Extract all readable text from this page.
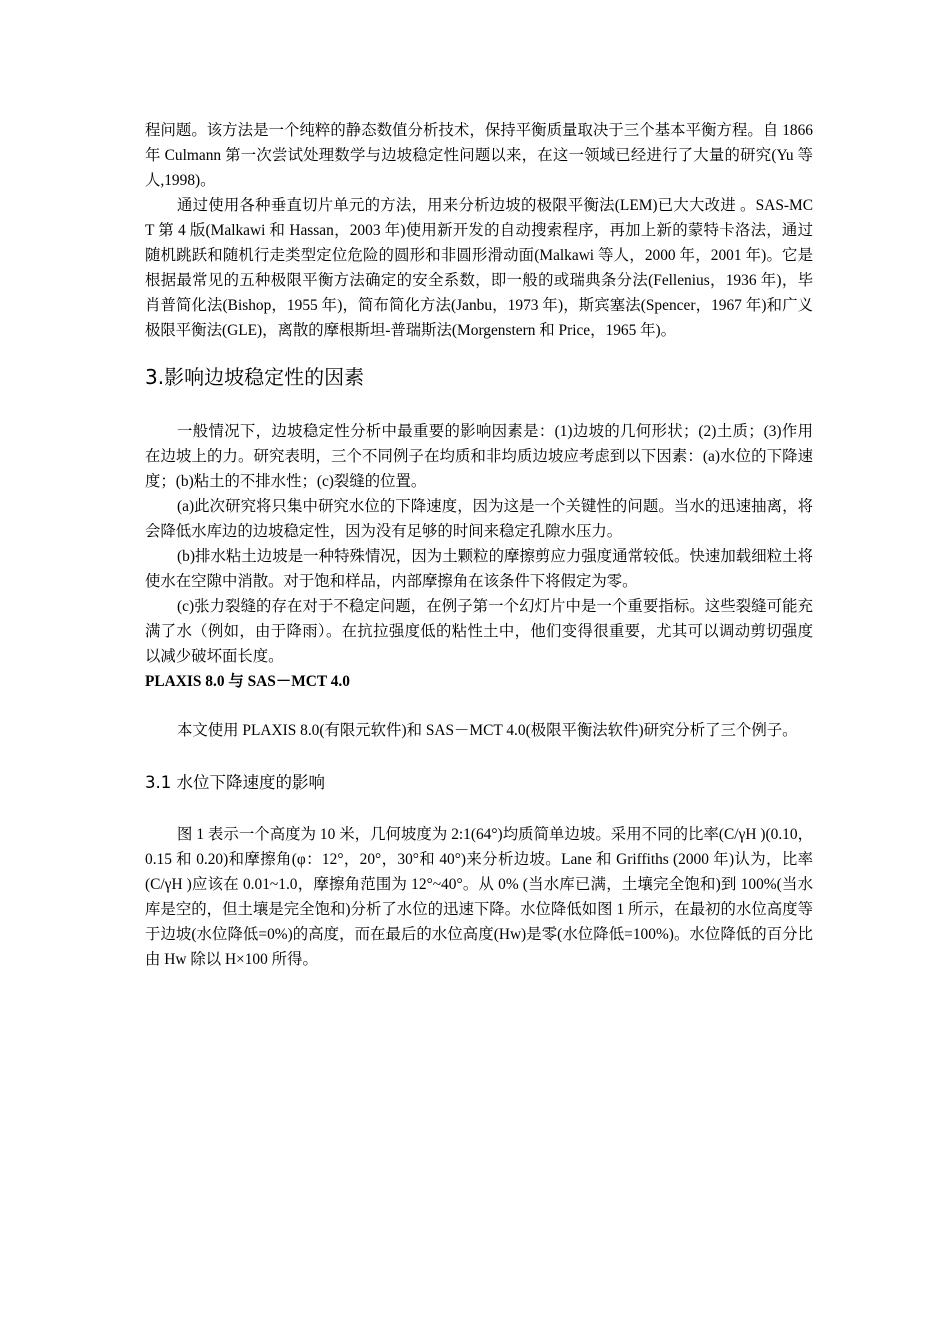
程问题。该方法是一个纯粹的静态数值分析技术，保持平衡质量取决于三个基本平衡方程。自 1866 年 Culmann 第一次尝试处理数学与边坡稳定性问题以来，在这一领域已经进行了大量的研究(Yu 等人,1998)。

通过使用各种垂直切片单元的方法，用来分析边坡的极限平衡法(LEM)已大大改进 。SAS-MCT 第 4 版(Malkawi 和 Hassan，2003 年)使用新开发的自动搜索程序，再加上新的蒙特卡洛法，通过随机跳跃和随机行走类型定位危险的圆形和非圆形滑动面(Malkawi 等人，2000 年，2001 年)。它是根据最常见的五种极限平衡方法确定的安全系数，即一般的或瑞典条分法(Fellenius，1936 年)，毕肖普简化法(Bishop，1955 年)，简布简化方法(Janbu，1973 年)，斯宾塞法(Spencer，1967 年)和广义极限平衡法(GLE)，离散的摩根斯坦-普瑞斯法(Morgenstern 和 Price，1965 年)。

3.影响边坡稳定性的因素

一般情况下，边坡稳定性分析中最重要的影响因素是：(1)边坡的几何形状；(2)土质；(3)作用在边坡上的力。研究表明，三个不同例子在均质和非均质边坡应考虑到以下因素：(a)水位的下降速度；(b)粘土的不排水性；(c)裂缝的位置。

(a)此次研究将只集中研究水位的下降速度，因为这是一个关键性的问题。当水的迅速抽离，将会降低水库边的边坡稳定性，因为没有足够的时间来稳定孔隙水压力。

(b)排水粘土边坡是一种特殊情况，因为土颗粒的摩擦剪应力强度通常较低。快速加载细粒土将使水在空隙中消散。对于饱和样品，内部摩擦角在该条件下将假定为零。

(c)张力裂缝的存在对于不稳定问题，在例子第一个幻灯片中是一个重要指标。这些裂缝可能充满了水（例如，由于降雨）。在抗拉强度低的粘性土中，他们变得很重要，尤其可以调动剪切强度以减少破坏面长度。

PLAXIS 8.0 与 SAS－MCT 4.0

本文使用 PLAXIS 8.0(有限元软件)和 SAS－MCT 4.0(极限平衡法软件)研究分析了三个例子。

3.1 水位下降速度的影响

图 1 表示一个高度为 10 米，几何坡度为 2:1(64°)均质简单边坡。采用不同的比率(C/γH )(0.10，0.15 和 0.20)和摩擦角(φ：12°，20°，30°和 40°)来分析边坡。Lane 和 Griffiths (2000 年)认为，比率(C/γH )应该在 0.01~1.0，摩擦角范围为 12°~40°。从 0% (当水库已满，土壤完全饱和)到 100%(当水库是空的，但土壤是完全饱和)分析了水位的迅速下降。水位降低如图 1 所示，在最初的水位高度等于边坡(水位降低=0%)的高度，而在最后的水位高度(Hw)是零(水位降低=100%)。水位降低的百分比由 Hw 除以 H×100 所得。
